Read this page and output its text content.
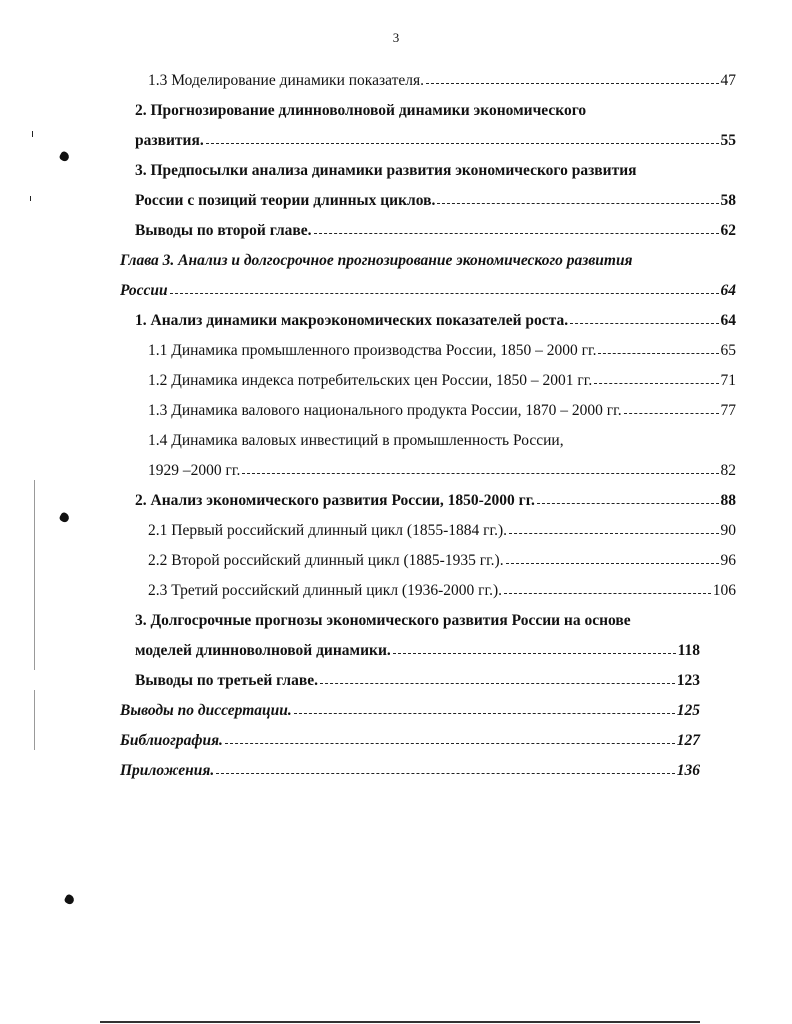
3
1.3 Моделирование динамики показателя.	47
2. Прогнозирование длинноволновой динамики экономического
развития.	55
3. Предпосылки анализа динамики развития экономического развития
России с позиций теории длинных циклов.	58
Выводы по второй главе.	62
Глава 3. Анализ и долгосрочное прогнозирование экономического развития
России	64
1. Анализ динамики макроэкономических показателей роста.	64
1.1 Динамика промышленного производства России, 1850 – 2000 гг.	65
1.2 Динамика индекса потребительских цен России, 1850 – 2001 гг.	71
1.3 Динамика валового национального продукта России, 1870 – 2000 гг.	77
1.4 Динамика валовых инвестиций в промышленность России,
1929 –2000 гг.	82
2. Анализ экономического развития России, 1850-2000 гг.	88
2.1 Первый российский длинный цикл (1855-1884 гг.).	90
2.2 Второй российский длинный цикл (1885-1935 гг.).	96
2.3 Третий российский длинный цикл (1936-2000 гг.).	106
3. Долгосрочные прогнозы экономического развития России на основе
моделей длинноволновой динамики.	118
Выводы по третьей главе.	123
Выводы по диссертации.	125
Библиография.	127
Приложения.	136
